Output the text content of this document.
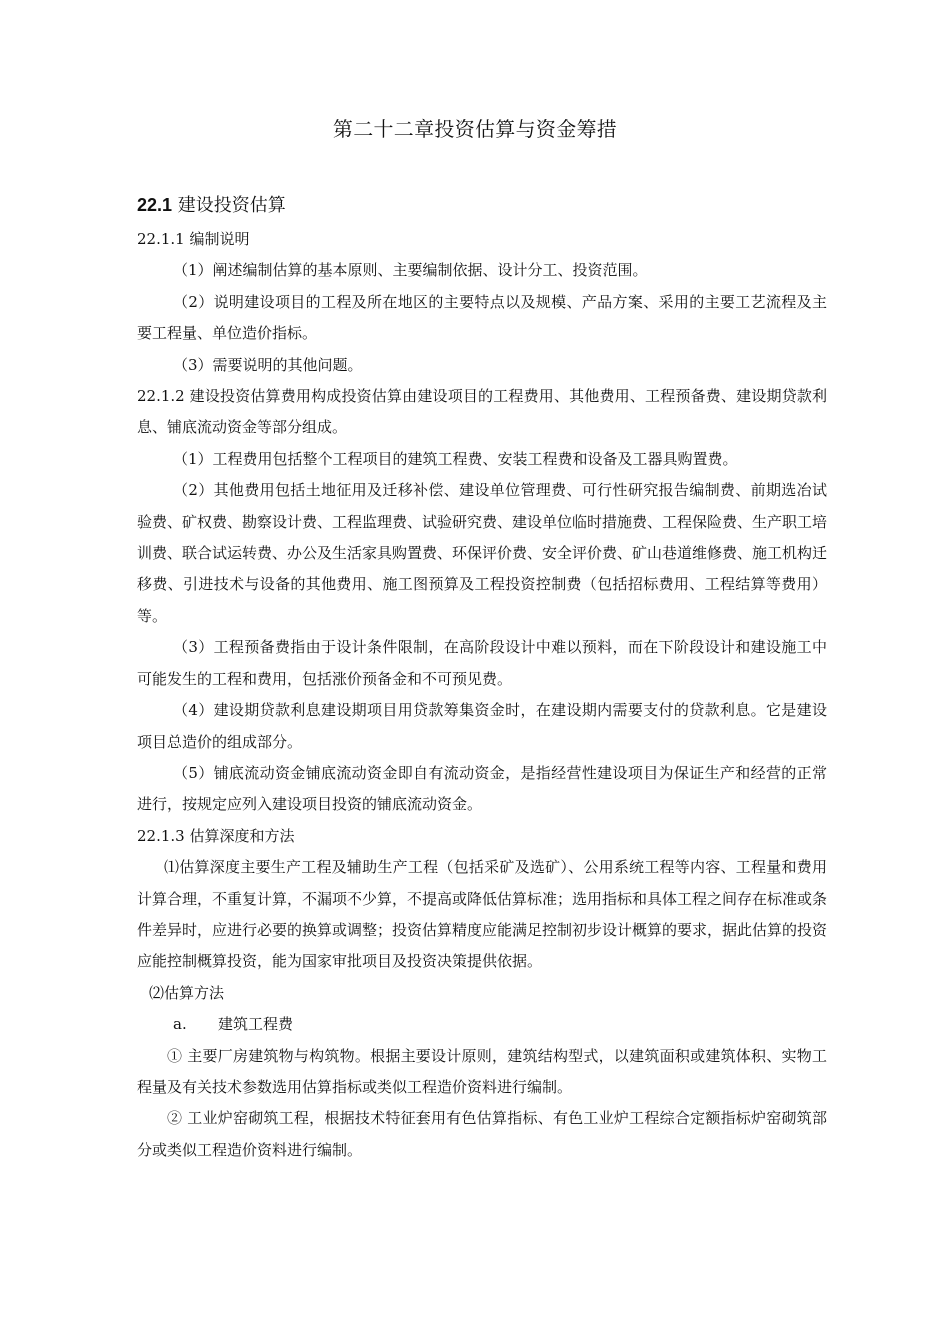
第二十二章投资估算与资金筹措
22.1 建设投资估算

22.1.1 编制说明

（1）阐述编制估算的基本原则、主要编制依据、设计分工、投资范围。

（2）说明建设项目的工程及所在地区的主要特点以及规模、产品方案、采用的主要工艺流程及主要工程量、单位造价指标。

（3）需要说明的其他问题。

22.1.2 建设投资估算费用构成投资估算由建设项目的工程费用、其他费用、工程预备费、建设期贷款利息、铺底流动资金等部分组成。

（1）工程费用包括整个工程项目的建筑工程费、安装工程费和设备及工器具购置费。

（2）其他费用包括土地征用及迁移补偿、建设单位管理费、可行性研究报告编制费、前期选冶试验费、矿权费、勘察设计费、工程监理费、试验研究费、建设单位临时措施费、工程保险费、生产职工培训费、联合试运转费、办公及生活家具购置费、环保评价费、安全评价费、矿山巷道维修费、施工机构迁移费、引进技术与设备的其他费用、施工图预算及工程投资控制费（包括招标费用、工程结算等费用）等。

（3）工程预备费指由于设计条件限制，在高阶段设计中难以预料，而在下阶段设计和建设施工中可能发生的工程和费用，包括涨价预备金和不可预见费。

（4）建设期贷款利息建设期项目用贷款筹集资金时，在建设期内需要支付的贷款利息。它是建设项目总造价的组成部分。

（5）铺底流动资金铺底流动资金即自有流动资金，是指经营性建设项目为保证生产和经营的正常进行，按规定应列入建设项目投资的铺底流动资金。

22.1.3 估算深度和方法

⑴估算深度主要生产工程及辅助生产工程（包括采矿及选矿）、公用系统工程等内容、工程量和费用计算合理，不重复计算，不漏项不少算，不提高或降低估算标准；选用指标和具体工程之间存在标准或条件差异时，应进行必要的换算或调整；投资估算精度应能满足控制初步设计概算的要求，据此估算的投资应能控制概算投资，能为国家审批项目及投资决策提供依据。

⑵估算方法

a. 建筑工程费

① 主要厂房建筑物与构筑物。根据主要设计原则，建筑结构型式，以建筑面积或建筑体积、实物工程量及有关技术参数选用估算指标或类似工程造价资料进行编制。

② 工业炉窑砌筑工程，根据技术特征套用有色估算指标、有色工业炉工程综合定额指标炉窑砌筑部分或类似工程造价资料进行编制。
